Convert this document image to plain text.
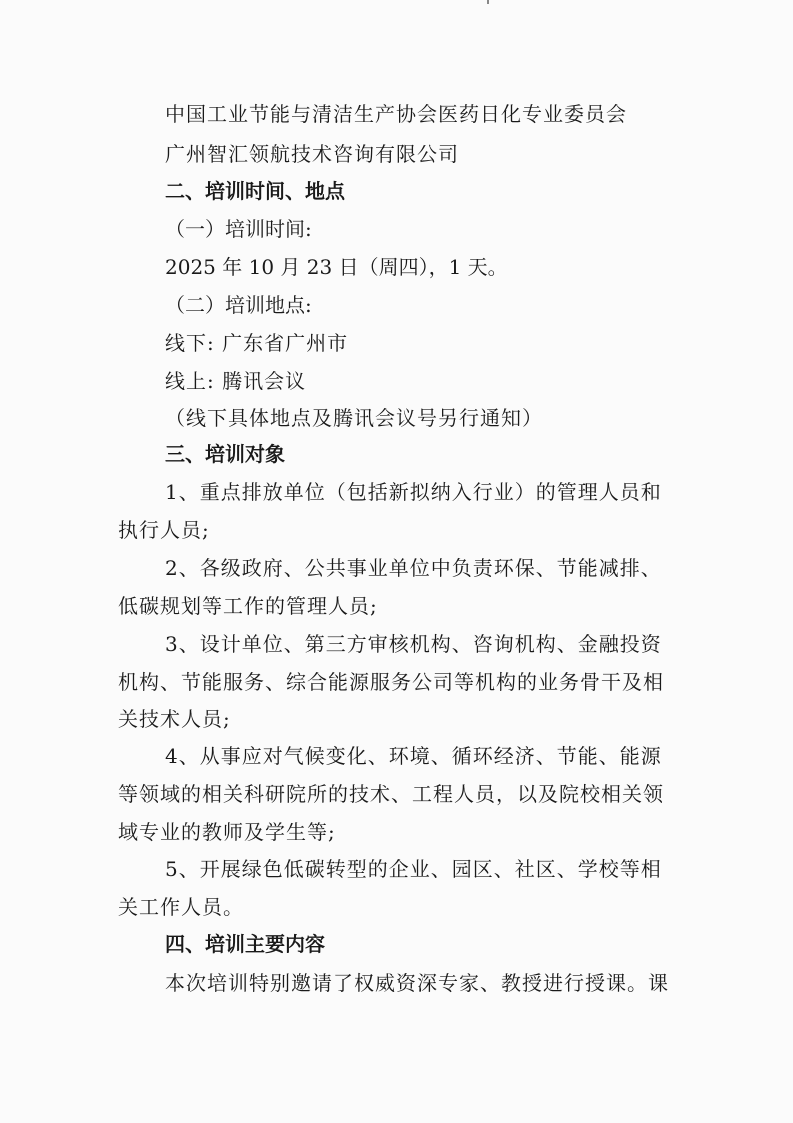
中国工业节能与清洁生产协会医药日化专业委员会
广州智汇领航技术咨询有限公司
二、培训时间、地点
（一）培训时间:
2025 年 10 月 23 日（周四），1 天。
（二）培训地点:
线下: 广东省广州市
线上: 腾讯会议
（线下具体地点及腾讯会议号另行通知）
三、培训对象
1、重点排放单位（包括新拟纳入行业）的管理人员和
执行人员;
2、各级政府、公共事业单位中负责环保、节能减排、
低碳规划等工作的管理人员;
3、设计单位、第三方审核机构、咨询机构、金融投资
机构、节能服务、综合能源服务公司等机构的业务骨干及相
关技术人员;
4、从事应对气候变化、环境、循环经济、节能、能源
等领域的相关科研院所的技术、工程人员，以及院校相关领
域专业的教师及学生等;
5、开展绿色低碳转型的企业、园区、社区、学校等相
关工作人员。
四、培训主要内容
本次培训特别邀请了权威资深专家、教授进行授课。课
